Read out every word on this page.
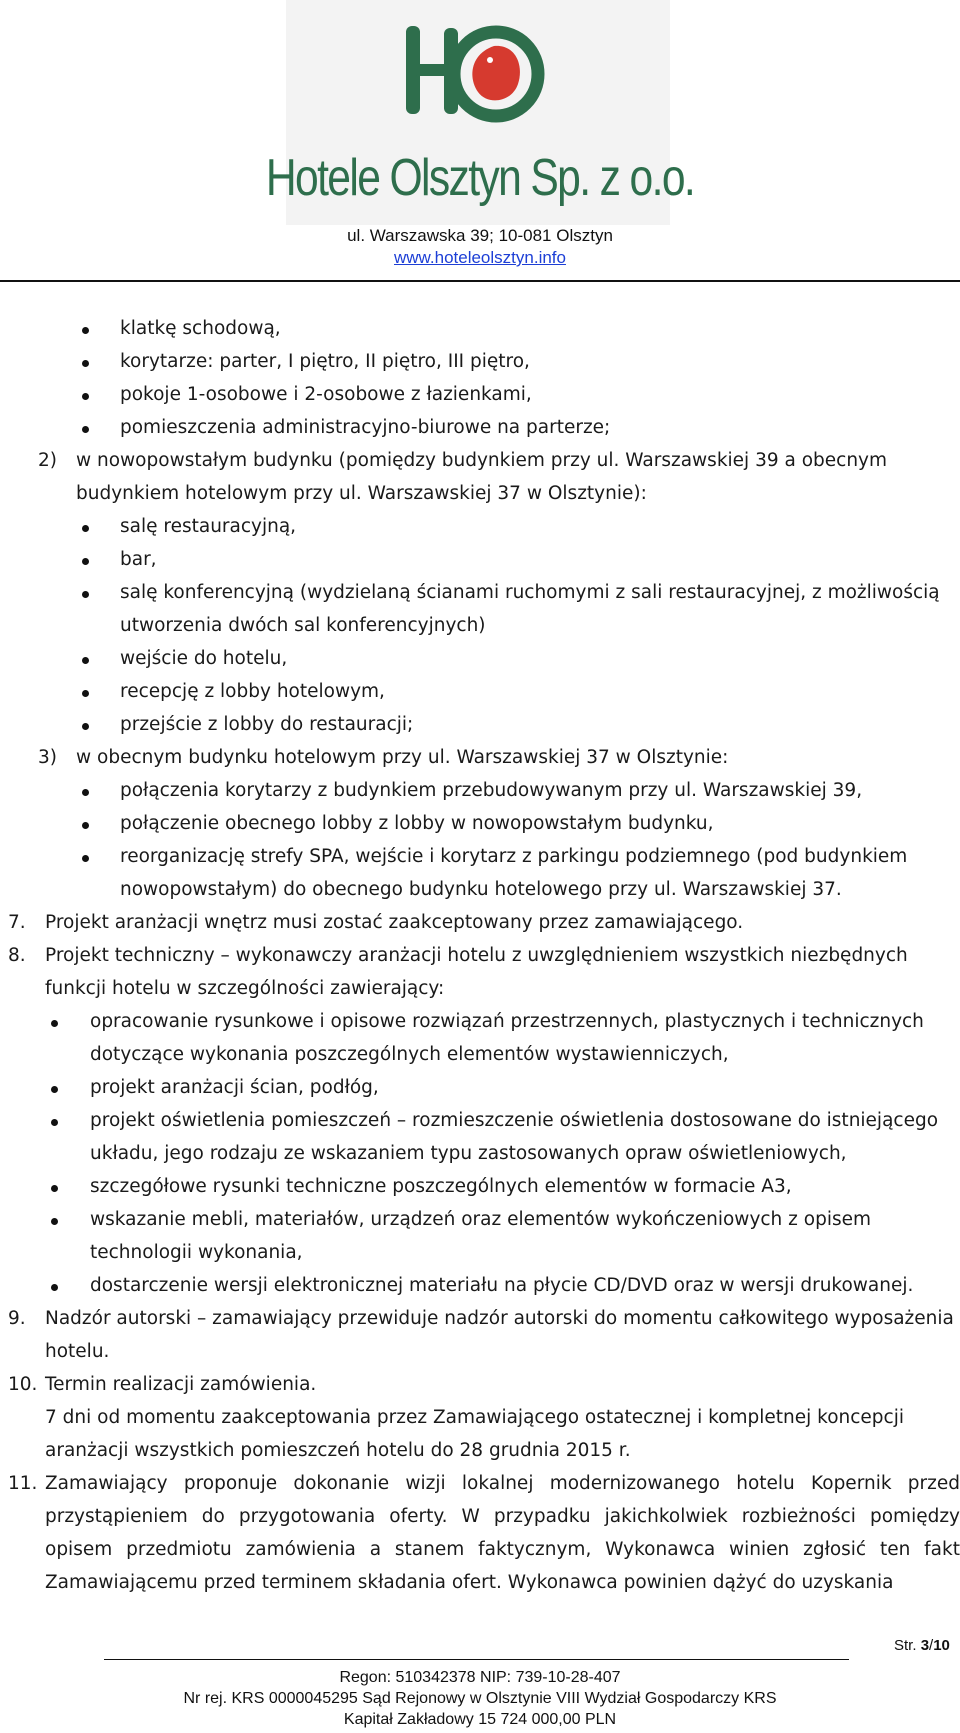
Hotele Olsztyn Sp. z o.o.
ul. Warszawska 39; 10-081 Olsztyn
www.hoteleolsztyn.info
klatkę schodową,
korytarze: parter, I piętro, II piętro, III piętro,
pokoje 1-osobowe i 2-osobowe z łazienkami,
pomieszczenia administracyjno-biurowe na parterze;
2) w nowopowstałym budynku (pomiędzy budynkiem przy ul. Warszawskiej 39 a obecnym budynkiem hotelowym przy ul. Warszawskiej 37 w Olsztynie):
salę restauracyjną,
bar,
salę konferencyjną (wydzielaną ścianami ruchomymi z sali restauracyjnej, z możliwością utworzenia dwóch sal konferencyjnych)
wejście do hotelu,
recepcję z lobby hotelowym,
przejście z lobby do restauracji;
3) w obecnym budynku hotelowym przy ul. Warszawskiej 37 w Olsztynie:
połączenia korytarzy z budynkiem przebudowywanym przy ul. Warszawskiej 39,
połączenie obecnego lobby z lobby w nowopowstałym budynku,
reorganizację strefy SPA, wejście i korytarz z parkingu podziemnego (pod budynkiem nowopowstałym) do obecnego budynku hotelowego przy ul. Warszawskiej 37.
7. Projekt aranżacji wnętrz musi zostać zaakceptowany przez zamawiającego.
8. Projekt techniczny – wykonawczy aranżacji hotelu z uwzględnieniem wszystkich niezbędnych funkcji hotelu w szczególności zawierający:
opracowanie rysunkowe i opisowe rozwiązań przestrzennych, plastycznych i technicznych dotyczące wykonania poszczególnych elementów wystawienniczych,
projekt aranżacji ścian, podłóg,
projekt oświetlenia pomieszczeń – rozmieszczenie oświetlenia dostosowane do istniejącego układu, jego rodzaju ze wskazaniem typu zastosowanych opraw oświetleniowych,
szczegółowe rysunki techniczne poszczególnych elementów w formacie A3,
wskazanie mebli, materiałów, urządzeń oraz elementów wykończeniowych z opisem technologii wykonania,
dostarczenie wersji elektronicznej materiału na płycie CD/DVD oraz w wersji drukowanej.
9. Nadzór autorski – zamawiający przewiduje nadzór autorski do momentu całkowitego wyposażenia hotelu.
10. Termin realizacji zamówienia.
7 dni od momentu zaakceptowania przez Zamawiającego ostatecznej i kompletnej koncepcji aranżacji wszystkich pomieszczeń hotelu do 28 grudnia 2015 r.
11. Zamawiający proponuje dokonanie wizji lokalnej modernizowanego hotelu Kopernik przed przystąpieniem do przygotowania oferty. W przypadku jakichkolwiek rozbieżności pomiędzy opisem przedmiotu zamówienia a stanem faktycznym, Wykonawca winien zgłosić ten fakt Zamawiającemu przed terminem składania ofert. Wykonawca powinien dążyć do uzyskania
Str. 3/10
Regon: 510342378 NIP: 739-10-28-407
Nr rej. KRS 0000045295 Sąd Rejonowy w Olsztynie VIII Wydział Gospodarczy KRS
Kapitał Zakładowy 15 724 000,00 PLN
